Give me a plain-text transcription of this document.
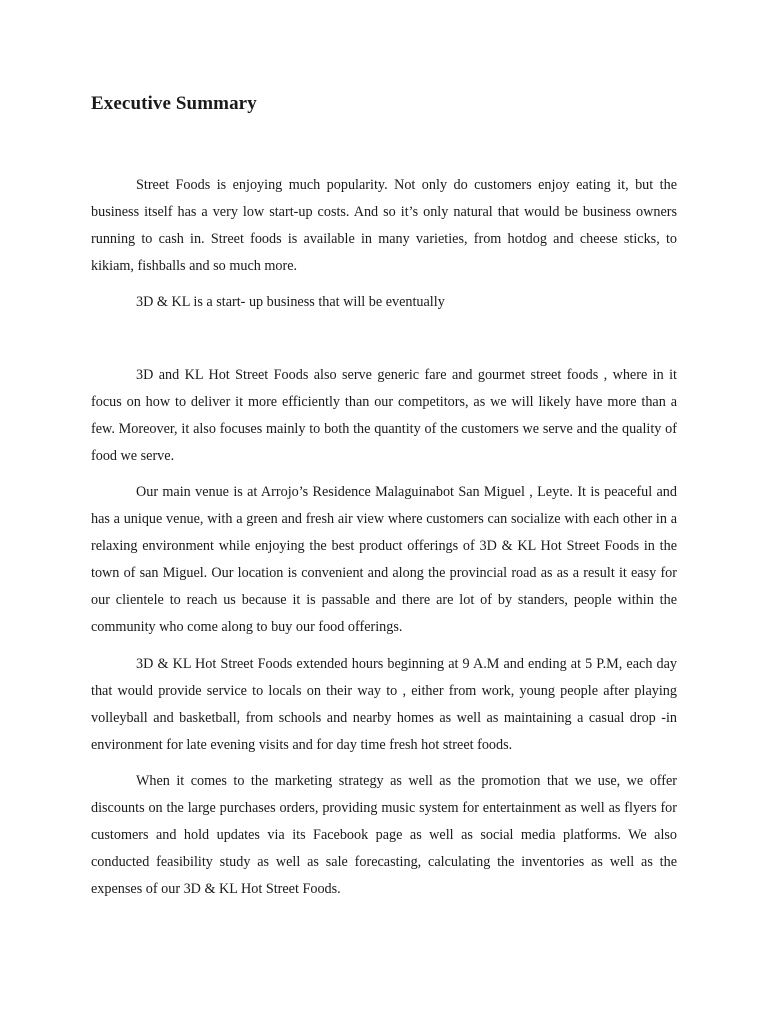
Executive Summary

Street Foods is enjoying much popularity. Not only do customers enjoy eating it, but the business itself has a very low start-up costs. And so it’s only natural that would be business owners running to cash in. Street foods is available in many varieties, from hotdog and cheese sticks, to kikiam, fishballs and so much more.

3D & KL is a start- up business that will be eventually

3D and KL Hot Street Foods also serve generic fare and gourmet street foods , where in it focus on how to deliver it more efficiently than our competitors, as we will likely have more than a few. Moreover, it also focuses mainly to both the quantity of the customers we serve and the quality of food we serve.

Our main venue is at Arrojo’s Residence Malaguinabot San Miguel , Leyte. It is peaceful and has a unique venue, with a green and fresh air view where customers can socialize with each other in a relaxing environment while enjoying the best product offerings of 3D & KL Hot Street Foods in the town of san Miguel. Our location is convenient and along the provincial road as as a result it easy for our clientele to reach us because it is passable and there are lot of by standers, people within the community who come along to buy our food offerings.

3D & KL Hot Street Foods extended hours beginning at 9 A.M and ending at 5 P.M, each day that would provide service to locals on their way to , either from work, young people after playing volleyball and basketball, from schools and nearby homes as well as maintaining a casual drop -in environment for late evening visits and for day time fresh hot street foods.

When it comes to the marketing strategy as well as the promotion that we use, we offer discounts on the large purchases orders, providing music system for entertainment as well as flyers for customers and hold updates via its Facebook page as well as social media platforms. We also conducted feasibility study as well as sale forecasting, calculating the inventories as well as the expenses of our 3D & KL Hot Street Foods.
